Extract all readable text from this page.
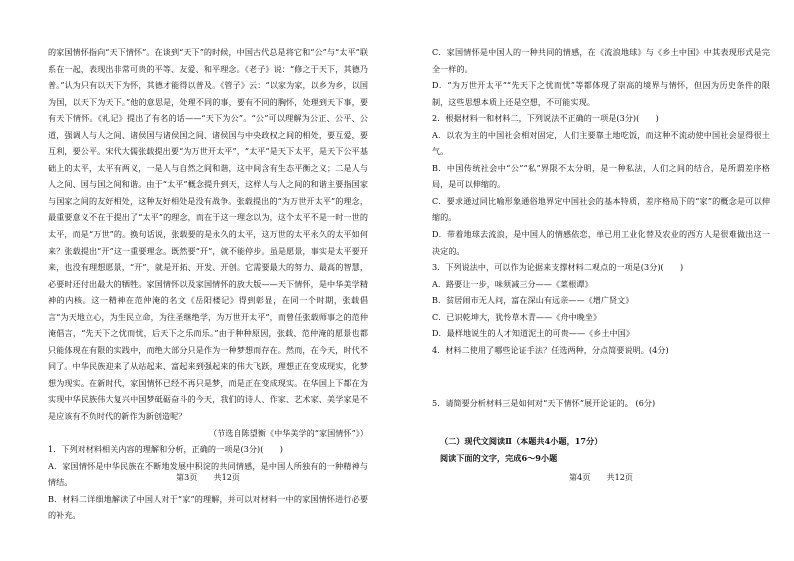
的家国情怀指向“天下情怀”。在谈到“天下”的时候，中国古代总是将它和“公”与“太平”联系在一起，表现出非常可贵的平等、友爱、和平理念。《老子》说：“修之于天下，其德乃普。”认为只有以天下为怀，其德才能得以普及。《管子》云：“以家为家，以乡为乡，以国为国，以天下为天下。”他的意思是，处理不同的事，要有不同的胸怀，处理到天下事，要有天下情怀。《礼记》提出了有名的话——“天下为公”。“公”可以理解为公正、公平、公道，强调人与人之间、诸侯国与诸侯国之间、诸侯国与中央政权之间的相处，要互爱，要互利，要公平。宋代大儒张载提出要“为万世开太平”，“太平”是天下太平，是天下公平基础上的太平，太平有两义，一是人与自然之间和谐，这中间含有生态平衡之义；二是人与人之间、国与国之间和谐。由于“太平”概念提升到天，这样人与人之间的和谐主要指国家与国家之间的友好相处，这种友好相处是没有战争。张载提出的“为万世开太平”的理念，最重要意义不在于提出了“太平”的理念，而在于这一理念以为，这个太平不是一时一世的太平，而是“万世”的。换句话说，张载要的是永久的太平，这万世的太平永久的太平如何来？张载提出“开”这一重要理念。既然要“开”，就不能停步。虽是愿景，事实是太平要开来，也没有理想愿景，“开”，就是开拓、开发、开创。它需要最大的努力、最高的智慧，必要时还付出最大的牺牲。家国情怀以及家国情怀的放大版——天下情怀，是中华美学精神的内核。这一精神在范仲淹的名文《岳阳楼记》得到彰显，在同一个时期，张载倡言“为天地立心，为生民立命，为往圣继绝学，为万世开太平”，而曾任张载师事之的范仲淹倡言，“先天下之忧而忧，后天下之乐而乐。”由于种种原因，张载、范仲淹的愿景也都只能体现在有限的实践中，而绝大部分只是作为一种梦想而存在。然而，在今天，时代不同了。中华民族迎来了从站起来、富起来到强起来的伟大飞跃，理想正在变成现实，化梦想为现实。在新时代，家国情怀已经不再只是梦，而是正在变成现实。在华国上下都在为实现中华民族伟大复兴中国梦砥砺奋斗的今天，我们的诗人、作家、艺术家、美学家是不是应该有不负时代的新作为新创造呢？

（节选自陈望衡《中华美学的“家国情怀”》）

1．下列对材料相关内容的理解和分析，正确的一项是(3分)(　　)

A．家国情怀是中华民族在不断地发展中积淀的共同情感，是中国人所独有的一种精神与情结。

B．材料二详细地解读了中国人对于“家”的理解，并可以对材料一中的家国情怀进行必要的补充。

第3页　　共12页

C．家国情怀是中国人的一种共同的情感，在《流浪地球》与《乡土中国》中其表现形式是完全一样的。

D．“为万世开太平”“先天下之忧而忧”等都体现了崇高的境界与情怀，但因为历史条件的限制，这些思想本质上还是空想，不可能实现。

2．根据材料一和材料二，下列说法不正确的一项是(3分)(　　)

A．以农为主的中国社会相对固定，人们主要靠土地吃饭，而这种不流动使中国社会显得很土气。

B．中国传统社会中“公”“私”界限不太分明，是一种私法，人们之间的结合，是所谓差序格局，是可以伸缩的。

C．要求通过同比喻形象通俗地界定中国社会的基本特质，差序格局下的“家”的概念是可以伸缩的。

D．带着地球去流浪，是中国人的情感依恋，单已用工业化替及农业的西方人是很难做出这一决定的。

3．下列说法中，可以作为论据来支撑材料二观点的一项是(3分)(　　)

A．路要让一步，味须减三分——《菜根谭》

B．贫居闹市无人问，富在深山有远亲——《增广贤文》

C．已识乾坤大，犹怜草木青——《舟中晚坐》

D．最样地说生的人才知道泥土的可贵——《乡土中国》

4．材料二使用了哪些论证手法？任选两种，分点简要说明。(4分)

5．请简要分析材料三是如何对“天下情怀”展开论证的。 (6分)

（二）现代文阅读Ⅱ（本题共4小题，17分）

阅读下面的文字，完成6～9小题

第4页　　共12页
